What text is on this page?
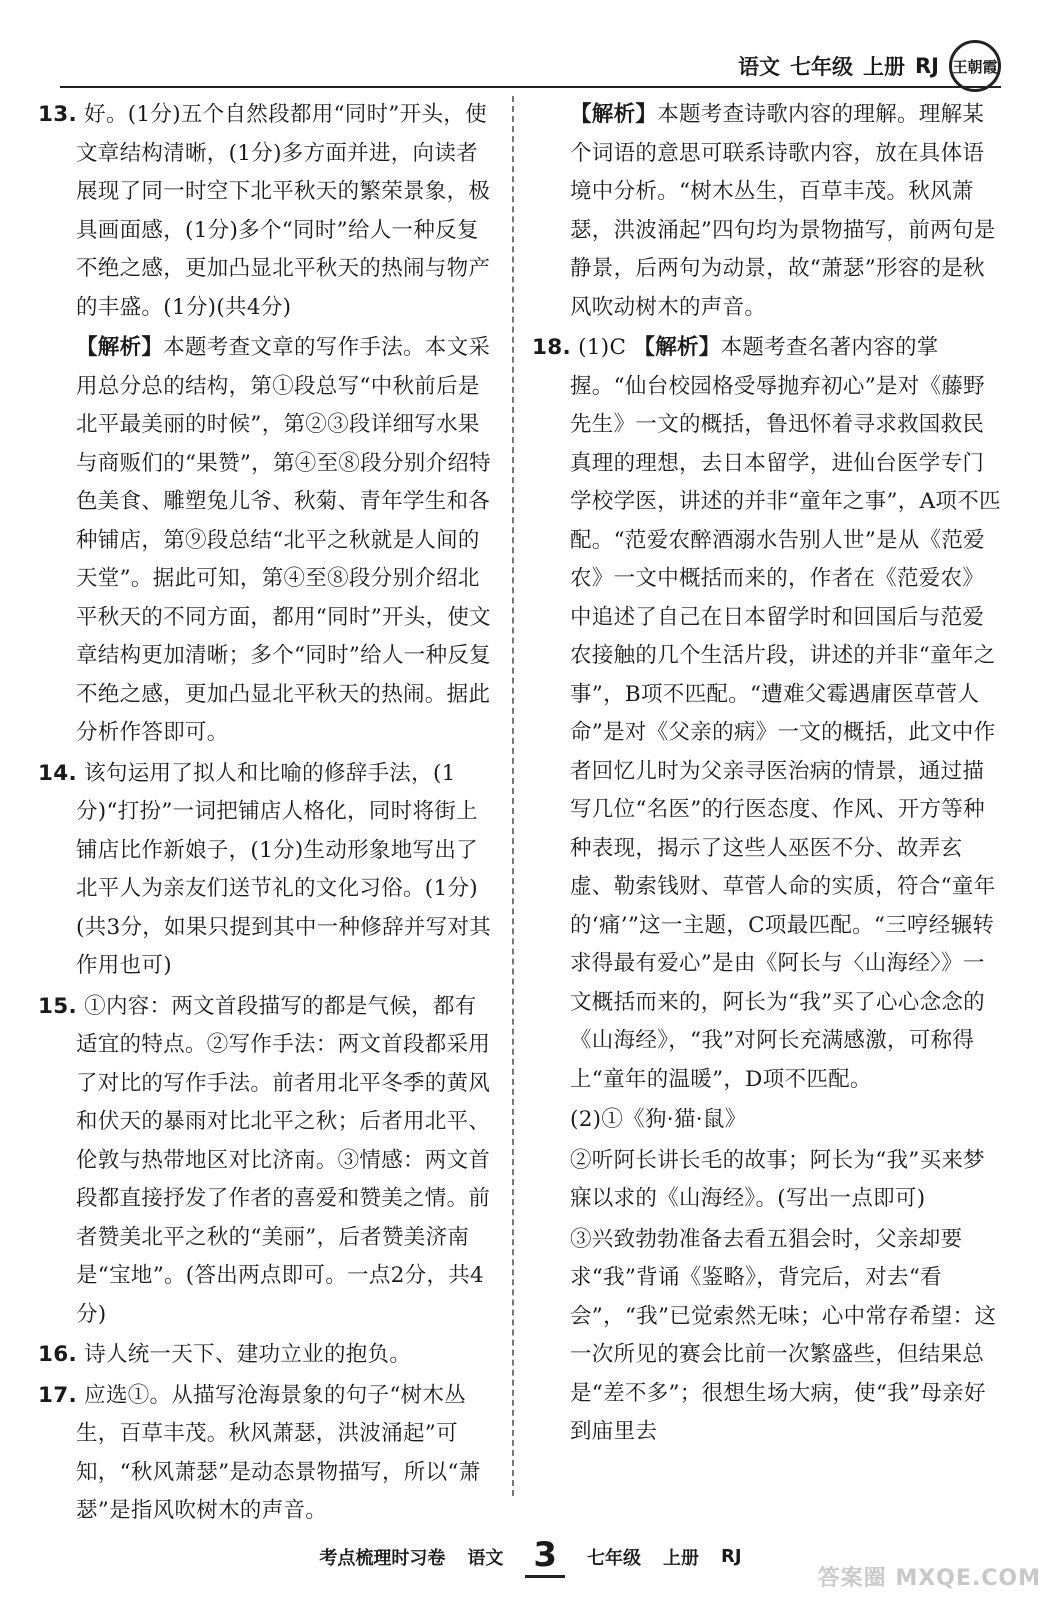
语文 七年级 上册 RJ 王朝霞
13. 好。(1分)五个自然段都用“同时”开头，使文章结构清晰，(1分)多方面并进，向读者展现了同一时空下北平秋天的繁荣景象，极具画面感，(1分)多个“同时”给人一种反复不绝之感，更加凸显北平秋天的热闹与物产的丰盛。(1分)(共4分)
【解析】本题考查文章的写作手法。本文采用总分总的结构，第①段总写“中秋前后是北平最美丽的时候”，第②③段详细写水果与商贩们的“果赞”，第④至⑧段分别介绍特色美食、雕塑兔儿爷、秋菊、青年学生和各种铺店，第⑨段总结“北平之秋就是人间的天堂”。据此可知，第④至⑧段分别介绍北平秋天的不同方面，都用“同时”开头，使文章结构更加清晰；多个“同时”给人一种反复不绝之感，更加凸显北平秋天的热闹。据此分析作答即可。
14. 该句运用了拟人和比喻的修辞手法，(1分)“打扮”一词把铺店人格化，同时将街上铺店比作新娘子，(1分)生动形象地写出了北平人为亲友们送节礼的文化习俗。(1分)(共3分，如果只提到其中一种修辞并写对其作用也可)
15. ①内容：两文首段描写的都是气候，都有适宜的特点。②写作手法：两文首段都采用了对比的写作手法。前者用北平冬季的黄风和伏天的暴雨对比北平之秋；后者用北平、伦敦与热带地区对比济南。③情感：两文首段都直接抒发了作者的喜爱和赞美之情。前者赞美北平之秋的“美丽”，后者赞美济南是“宝地”。(答出两点即可。一点2分，共4分)
16. 诗人统一天下、建功立业的抱负。
17. 应选①。从描写沧海景象的句子“树木丛生，百草丰茂。秋风萧瑟，洪波涌起”可知，“秋风萧瑟”是动态景物描写，所以“萧瑟”是指风吹树木的声音。
【解析】本题考查诗歌内容的理解。理解某个词语的意思可联系诗歌内容，放在具体语境中分析。“树木丛生，百草丰茂。秋风萧瑟，洪波涌起”四句均为景物描写，前两句是静景，后两句为动景，故“萧瑟”形容的是秋风吹动树木的声音。
18. (1)C 【解析】本题考查名著内容的掌握。“仙台校园格受辱抛弃初心”是对《藤野先生》一文的概括，鲁迅怀着寻求救国救民真理的理想，去日本留学，进仙台医学专门学校学医，讲述的并非“童年之事”，A项不匹配。“范爱农醉酒溺水告别人世”是从《范爱农》一文中概括而来的，作者在《范爱农》中追述了自己在日本留学时和回国后与范爱农接触的几个生活片段，讲述的并非“童年之事”，B项不匹配。“遭难父霉遇庸医草菅人命”是对《父亲的病》一文的概括，此文中作者回忆儿时为父亲寻医治病的情景，通过描写几位“名医”的行医态度、作风、开方等种种表现，揭示了这些人巫医不分、故弄玄虚、勒索钱财、草菅人命的实质，符合“童年的‘痛’”这一主题，C项最匹配。“三哼经辗转求得最有爱心”是由《阿长与〈山海经〉》一文概括而来的，阿长为“我”买了心心念念的《山海经》，“我”对阿长充满感激，可称得上“童年的温暖”，D项不匹配。
(2)①《狗·猫·鼠》
②听阿长讲长毛的故事；阿长为“我”买来梦寐以求的《山海经》。(写出一点即可)
③兴致勃勃准备去看五猖会时，父亲却要求“我”背诵《鉴略》，背完后，对去“看会”，“我”已觉索然无味；心中常存希望：这一次所见的赛会比前一次繁盛些，但结果总是“差不多”；很想生场大病，使“我”母亲好到庙里去
考点梳理时习卷 语文 3	七年级 上册 RJ
答案圈 MXQE.COM
